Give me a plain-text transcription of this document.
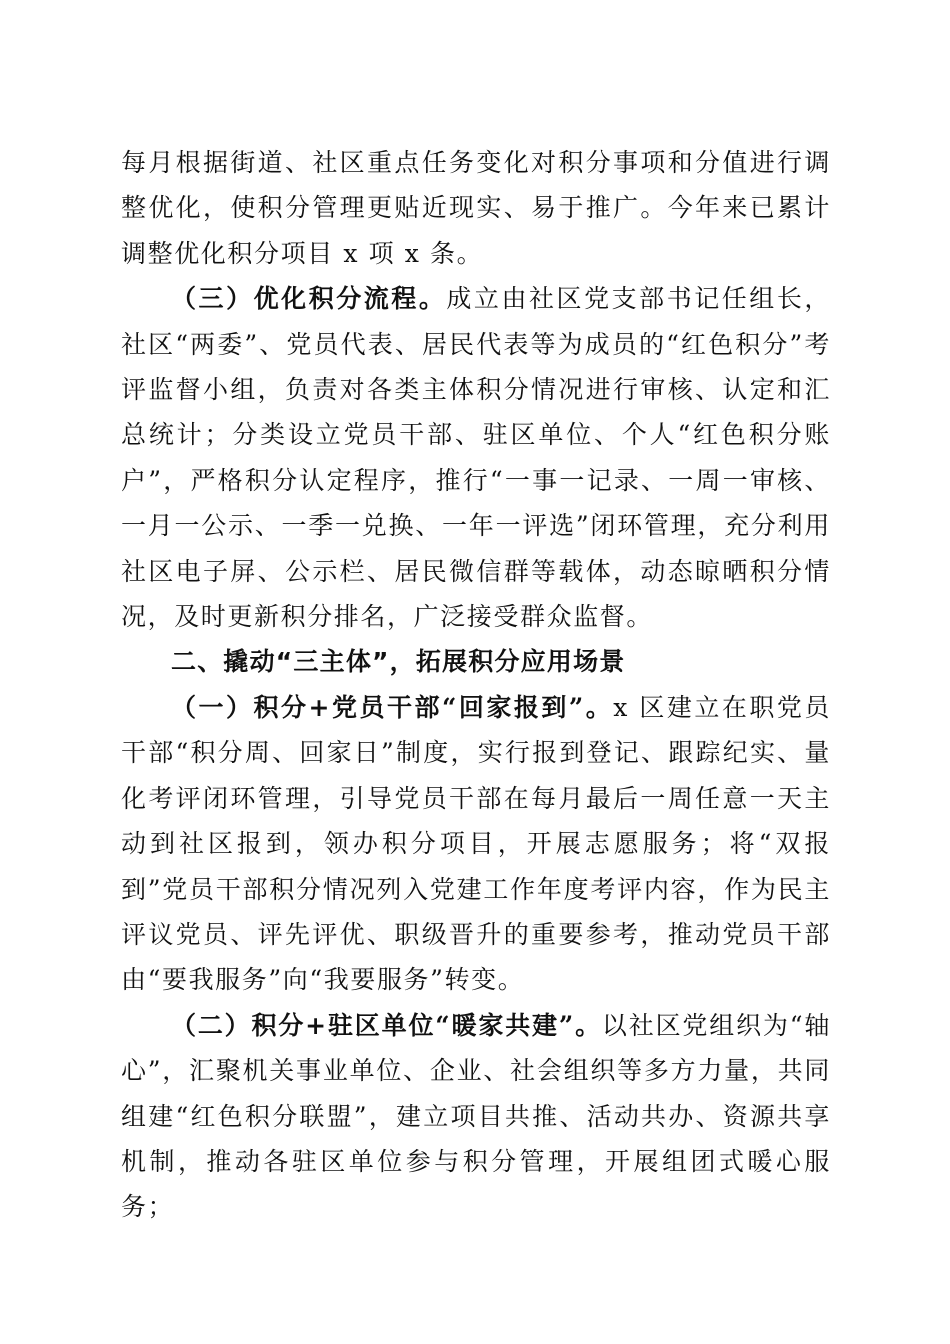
每月根据街道、社区重点任务变化对积分事项和分值进行调整优化，使积分管理更贴近现实、易于推广。今年来已累计调整优化积分项目 x 项 x 条。

（三）优化积分流程。成立由社区党支部书记任组长，社区“两委”、党员代表、居民代表等为成员的“红色积分”考评监督小组，负责对各类主体积分情况进行审核、认定和汇总统计；分类设立党员干部、驻区单位、个人“红色积分账户”，严格积分认定程序，推行“一事一记录、一周一审核、一月一公示、一季一兑换、一年一评选”闭环管理，充分利用社区电子屏、公示栏、居民微信群等载体，动态晾晒积分情况，及时更新积分排名，广泛接受群众监督。

二、撬动“三主体”，拓展积分应用场景

（一）积分+党员干部“回家报到”。x 区建立在职党员干部“积分周、回家日”制度，实行报到登记、跟踪纪实、量化考评闭环管理，引导党员干部在每月最后一周任意一天主动到社区报到，领办积分项目，开展志愿服务；将“双报到”党员干部积分情况列入党建工作年度考评内容，作为民主评议党员、评先评优、职级晋升的重要参考，推动党员干部由“要我服务”向“我要服务”转变。

（二）积分+驻区单位“暖家共建”。以社区党组织为“轴心”，汇聚机关事业单位、企业、社会组织等多方力量，共同组建“红色积分联盟”，建立项目共推、活动共办、资源共享机制，推动各驻区单位参与积分管理，开展组团式暖心服务；
